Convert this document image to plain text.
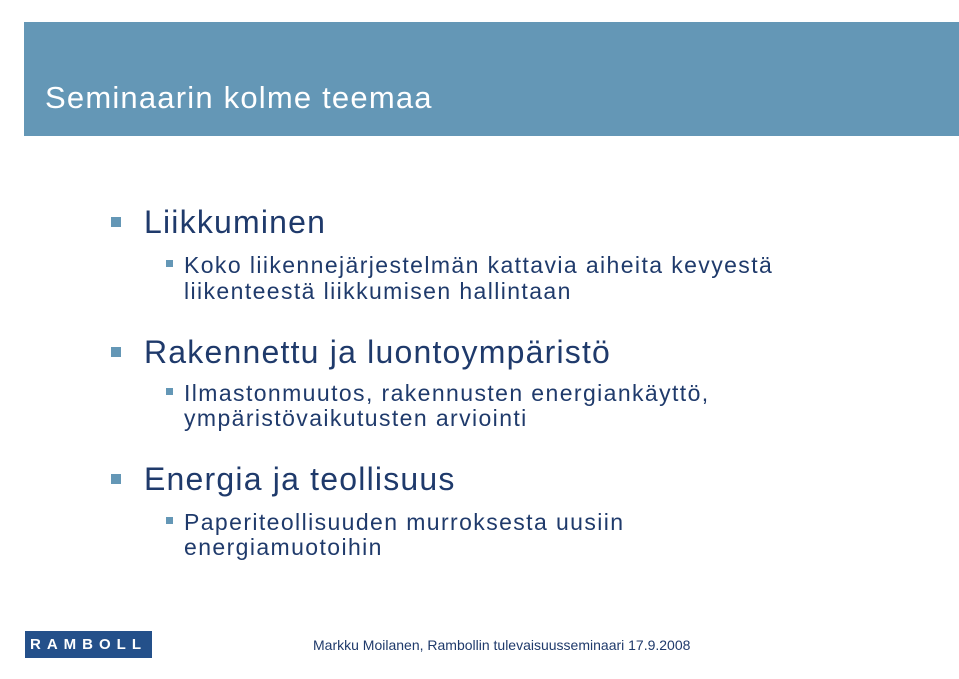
Seminaarin kolme teemaa
Liikkuminen
Koko liikennejärjestelmän kattavia aiheita kevyestä
liikenteestä liikkumisen hallintaan
Rakennettu ja luontoympäristö
Ilmastonmuutos, rakennusten energiankäyttö,
ympäristövaikutusten arviointi
Energia ja teollisuus
Paperiteollisuuden murroksesta uusiin
energiamuotoihin
RAMBOLL	Markku Moilanen, Rambollin tulevaisuusseminaari 17.9.2008
